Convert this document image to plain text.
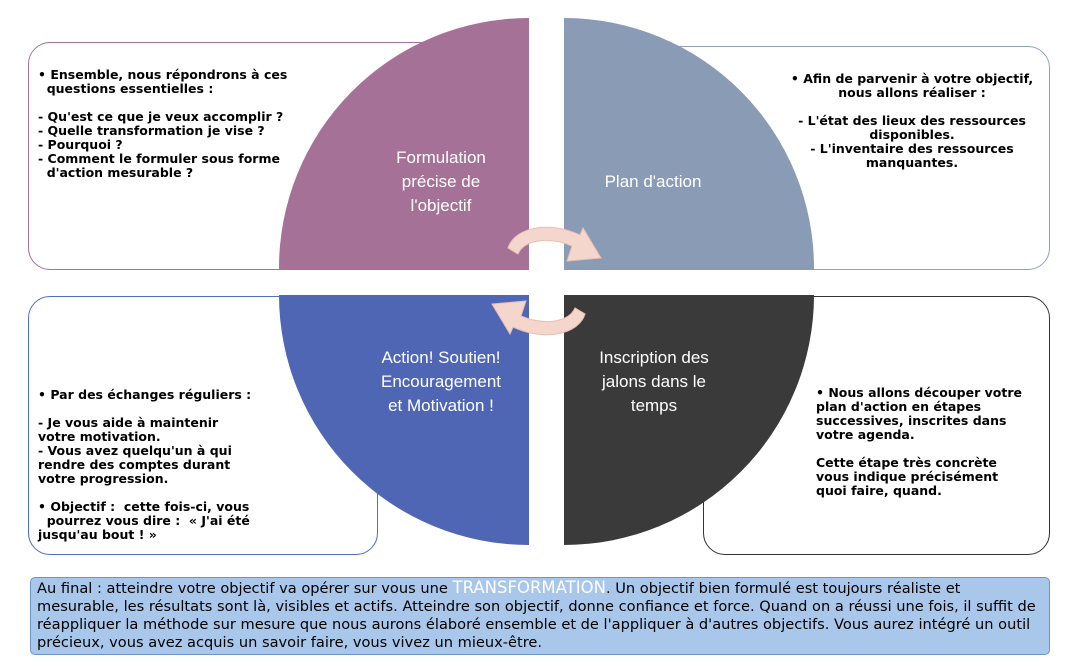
• Ensemble, nous répondrons à ces
questions essentielles :
- Qu'est ce que je veux accomplir ?
- Quelle transformation je vise ?
- Pourquoi ?
- Comment le formuler sous forme
d'action mesurable ?
• Afin de parvenir à votre objectif,
nous allons réaliser :
- L'état des lieux des ressources
disponibles.
- L'inventaire des ressources
manquantes.
• Par des échanges réguliers :
- Je vous aide à maintenir
votre motivation.
- Vous avez quelqu'un à qui
rendre des comptes durant
votre progression.
• Objectif :  cette fois-ci, vous
pourrez vous dire :  « J'ai été
jusqu'au bout ! »
• Nous allons découper votre
plan d'action en étapes
successives, inscrites dans
votre agenda.
Cette étape très concrète
vous indique précisément
quoi faire, quand.
Formulation
précise de
l'objectif
Plan d'action
Action! Soutien!
Encouragement
et Motivation !
Inscription des
jalons dans le
temps
Au final : atteindre votre objectif va opérer sur vous une TRANSFORMATION. Un objectif bien formulé est toujours réaliste et mesurable, les résultats sont là, visibles et actifs. Atteindre son objectif, donne confiance et force. Quand on a réussi une fois, il suffit de réappliquer la méthode sur mesure que nous aurons élaboré ensemble et de l'appliquer à d'autres objectifs. Vous aurez intégré un outil précieux, vous avez acquis un savoir faire, vous vivez un mieux-être.
